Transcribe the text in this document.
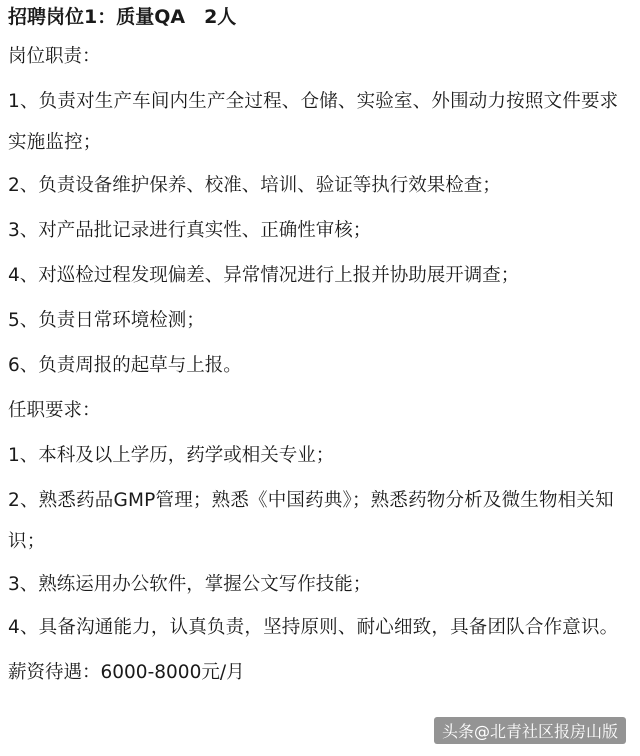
招聘岗位1：质量QA　2人
岗位职责：
1、负责对生产车间内生产全过程、仓储、实验室、外围动力按照文件要求实施监控；
2、负责设备维护保养、校准、培训、验证等执行效果检查；
3、对产品批记录进行真实性、正确性审核；
4、对巡检过程发现偏差、异常情况进行上报并协助展开调查；
5、负责日常环境检测；
6、负责周报的起草与上报。
任职要求：
1、本科及以上学历，药学或相关专业；
2、熟悉药品GMP管理；熟悉《中国药典》；熟悉药物分析及微生物相关知识；
3、熟练运用办公软件，掌握公文写作技能；
4、具备沟通能力，认真负责，坚持原则、耐心细致，具备团队合作意识。
薪资待遇：6000-8000元/月
头条@北青社区报房山版
